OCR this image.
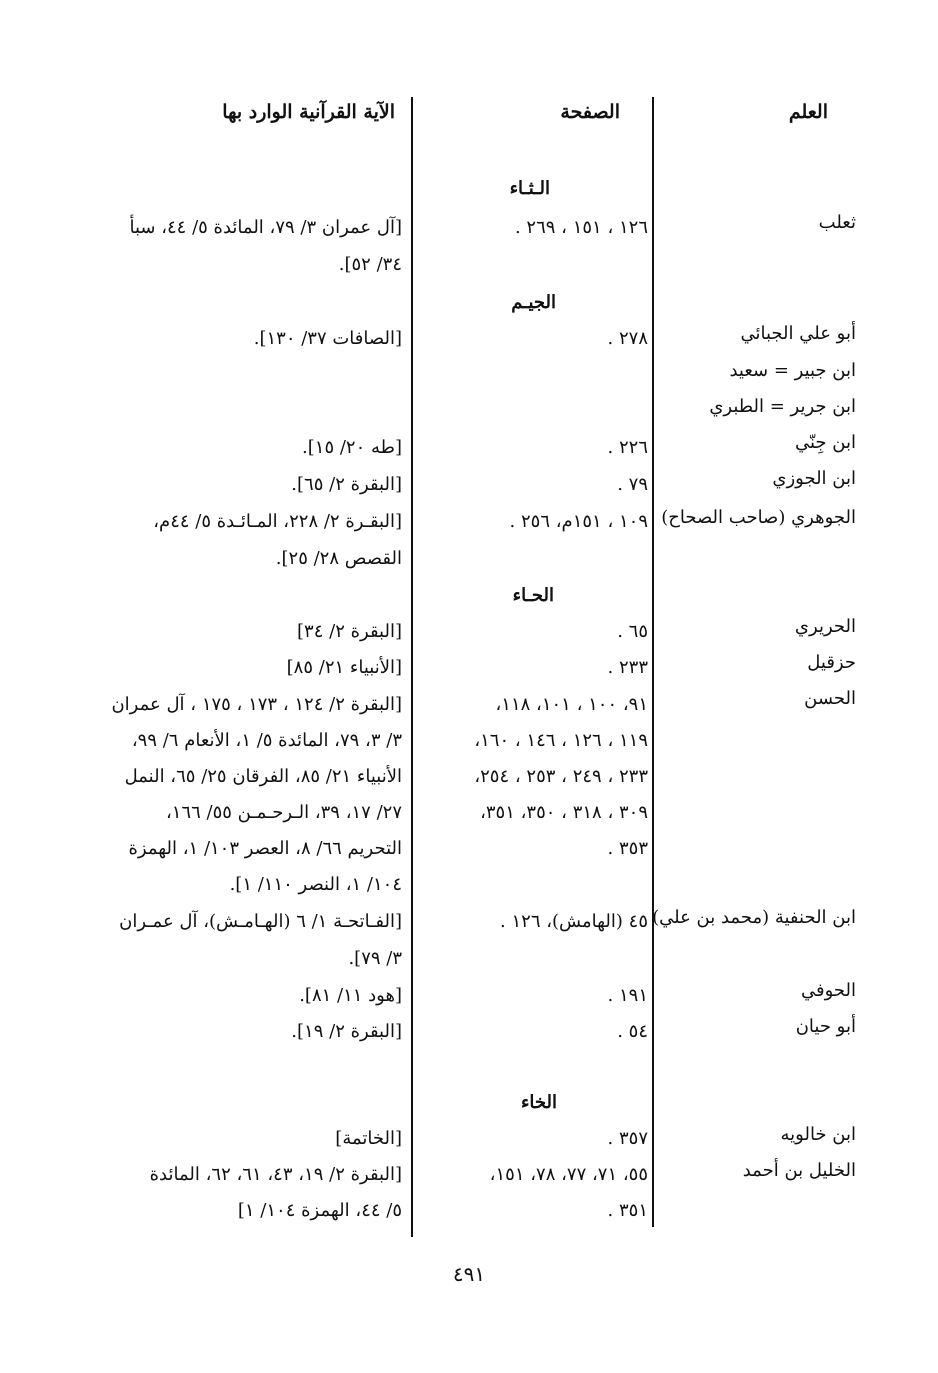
العلم
الصفحة
الآية القرآنية الوارد بها
الـثـاء
الجيـم
الحـاء
الخاء
ثعلب
١٢٦ ، ١٥١ ، ٢٦٩ .
[آل عمران ٣/ ٧٩، المائدة ٥/ ٤٤، سبأ
٣٤/ ٥٢].
أبو علي الجبائي
٢٧٨ .
[الصافات ٣٧/ ١٣٠].
ابن جبير = سعيد
ابن جرير = الطبري
ابن جِنّي
٢٢٦ .
[طه ٢٠/ ١٥].
ابن الجوزي
٧٩ .
[البقرة ٢/ ٦٥].
الجوهري (صاحب الصحاح)
١٠٩ ، ١٥١م، ٢٥٦ .
[البقـرة ٢/ ٢٢٨، المـائـدة ٥/ ٤٤م،
القصص ٢٨/ ٢٥].
الحريري
٦٥ .
[البقرة ٢/ ٣٤]
حزقيل
٢٣٣ .
[الأنبياء ٢١/ ٨٥]
الحسن
٩١، ١٠٠ ، ١٠١، ١١٨،
١١٩ ، ١٢٦ ، ١٤٦ ، ١٦٠،
٢٣٣ ، ٢٤٩ ، ٢٥٣ ، ٢٥٤،
٣٠٩ ، ٣١٨ ، ٣٥٠، ٣٥١،
٣٥٣ .
[البقرة ٢/ ١٢٤ ، ١٧٣ ، ١٧٥ ، آل عمران
٣/ ٣، ٧٩، المائدة ٥/ ١، الأنعام ٦/ ٩٩،
الأنبياء ٢١/ ٨٥، الفرقان ٢٥/ ٦٥، النمل
٢٧/ ١٧، ٣٩، الـرحـمـن ٥٥/ ١٦٦،
التحريم ٦٦/ ٨، العصر ١٠٣/ ١، الهمزة
١٠٤/ ١، النصر ١١٠/ ١].
ابن الحنفية (محمد بن علي)
٤٥ (الهامش)، ١٢٦ .
[الفـاتحـة ١/ ٦ (الهـامـش)، آل عمـران
٣/ ٧٩].
الحوفي
١٩١ .
[هود ١١/ ٨١].
أبو حيان
٥٤ .
[البقرة ٢/ ١٩].
ابن خالويه
٣٥٧ .
[الخاتمة]
الخليل بن أحمد
٥٥، ٧١، ٧٧، ٧٨، ١٥١،
٣٥١ .
[البقرة ٢/ ١٩، ٤٣، ٦١، ٦٢، المائدة
٥/ ٤٤، الهمزة ١٠٤/ ١]
٤٩١
